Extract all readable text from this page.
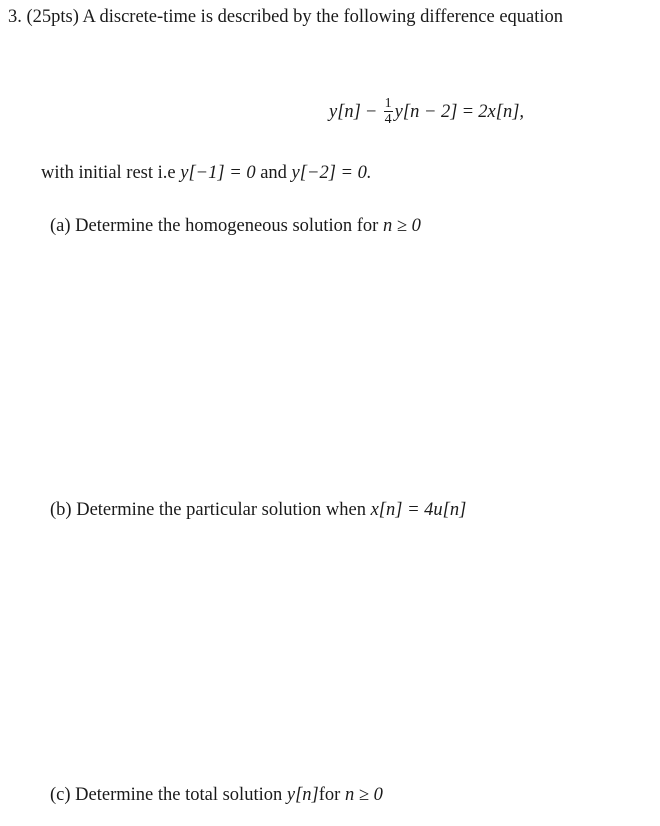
3. (25pts) A discrete-time is described by the following difference equation
$y[n] - \frac{1}{4} y[n - 2] = 2x[n]$,
with initial rest i.e y[−1] = 0 and y[−2] = 0.
(a) Determine the homogeneous solution for n ≥ 0
(b) Determine the particular solution when x[n] = 4u[n]
(c) Determine the total solution y[n]for n ≥ 0
